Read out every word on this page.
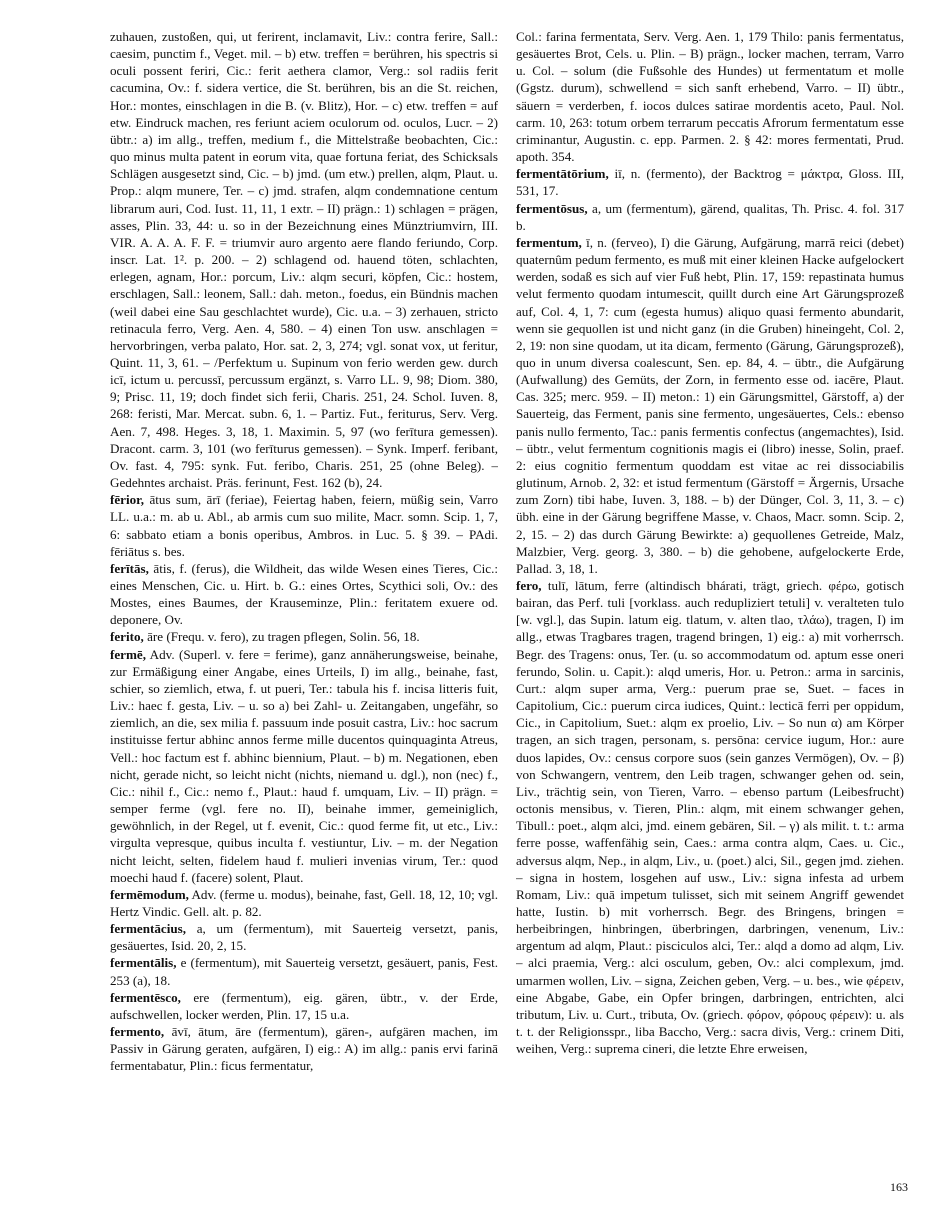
zuhauen, zustoßen, qui, ut ferirent, inclamavit, Liv.: contra ferire, Sall.: caesim, punctim f., Veget. mil. – b) etw. treffen = berühren, his spectris si oculi possent feriri, Cic.: ferit aethera clamor, Verg.: sol radiis ferit cacumina, Ov.: f. sidera vertice, die St. berühren, bis an die St. reichen, Hor.: montes, einschlagen in die B. (v. Blitz), Hor. – c) etw. treffen = auf etw. Eindruck machen, res feriunt aciem oculorum od. oculos, Lucr. – 2) übtr.: a) im allg., treffen, medium f., die Mittelstraße beobachten, Cic.: quo minus multa patent in eorum vita, quae fortuna feriat, des Schicksals Schlägen ausgesetzt sind, Cic. – b) jmd. (um etw.) prellen, alqm, Plaut. u. Prop.: alqm munere, Ter. – c) jmd. strafen, alqm condemnatione centum librarum auri, Cod. Iust. 11, 11, 1 extr. – II) prägn.: 1) schlagen = prägen, asses, Plin. 33, 44: u. so in der Bezeichnung eines Münztriumvirn, III. VIR. A. A. A. F. F. = triumvir auro argento aere flando feriundo, Corp. inscr. Lat. 1². p. 200. – 2) schlagend od. hauend töten, schlachten, erlegen, agnam, Hor.: porcum, Liv.: alqm securi, köpfen, Cic.: hostem, erschlagen, Sall.: leonem, Sall.: dah. meton., foedus, ein Bündnis machen (weil dabei eine Sau geschlachtet wurde), Cic. u.a. – 3) zerhauen, stricto retinacula ferro, Verg. Aen. 4, 580. – 4) einen Ton usw. anschlagen = hervorbringen, verba palato, Hor. sat. 2, 3, 274; vgl. sonat vox, ut feritur, Quint. 11, 3, 61. – /Perfektum u. Supinum von ferio werden gew. durch icī, ictum u. percussī, percussum ergänzt, s. Varro LL. 9, 98; Diom. 380, 9; Prisc. 11, 19; doch findet sich ferii, Charis. 251, 24. Schol. Iuven. 8, 268: feristi, Mar. Mercat. subn. 6, 1. – Partiz. Fut., feriturus, Serv. Verg. Aen. 7, 498. Heges. 3, 18, 1. Maximin. 5, 97 (wo ferītura gemessen). Dracont. carm. 3, 101 (wo ferīturus gemessen). – Synk. Imperf. feribant, Ov. fast. 4, 795: synk. Fut. feribo, Charis. 251, 25 (ohne Beleg). – Gedehntes archaist. Präs. ferinunt, Fest. 162 (b), 24.

fērior, ātus sum, ārī (feriae), Feiertag haben, feiern, müßig sein, Varro LL. u.a.: m. ab u. Abl., ab armis cum suo milite, Macr. somn. Scip. 1, 7, 6: sabbato etiam a bonis operibus, Ambros. in Luc. 5. § 39. – PAdi. fēriātus s. bes.

ferītās, ātis, f. (ferus), die Wildheit, das wilde Wesen eines Tieres, Cic.: eines Menschen, Cic. u. Hirt. b. G.: eines Ortes, Scythici soli, Ov.: des Mostes, eines Baumes, der Krauseminze, Plin.: feritatem exuere od. deponere, Ov.

ferito, āre (Frequ. v. fero), zu tragen pflegen, Solin. 56, 18.

fermē, Adv. (Superl. v. fere = ferime), ganz annäherungsweise, beinahe, zur Ermäßigung einer Angabe, eines Urteils, I) im allg., beinahe, fast, schier, so ziemlich, etwa, f. ut pueri, Ter.: tabula his f. incisa litteris fuit, Liv.: haec f. gesta, Liv. – u. so a) bei Zahl- u. Zeitangaben, ungefähr, so ziemlich, an die, sex milia f. passuum inde posuit castra, Liv.: hoc sacrum instituisse fertur abhinc annos ferme mille ducentos quinquaginta Atreus, Vell.: hoc factum est f. abhinc biennium, Plaut. – b) m. Negationen, eben nicht, gerade nicht, so leicht nicht (nichts, niemand u. dgl.), non (nec) f., Cic.: nihil f., Cic.: nemo f., Plaut.: haud f. umquam, Liv. – II) prägn. = semper ferme (vgl. fere no. II), beinahe immer, gemeiniglich, gewöhnlich, in der Regel, ut f. evenit, Cic.: quod ferme fit, ut etc., Liv.: virgulta vepresque, quibus inculta f. vestiuntur, Liv. – m. der Negation nicht leicht, selten, fidelem haud f. mulieri invenias virum, Ter.: quod moechi haud f. (facere) solent, Plaut.

fermēmodum, Adv. (ferme u. modus), beinahe, fast, Gell. 18, 12, 10; vgl. Hertz Vindic. Gell. alt. p. 82.

fermentācius, a, um (fermentum), mit Sauerteig versetzt, panis, gesäuertes, Isid. 20, 2, 15.

fermentālis, e (fermentum), mit Sauerteig versetzt, gesäuert, panis, Fest. 253 (a), 18.

fermentēsco, ere (fermentum), eig. gären, übtr., v. der Erde, aufschwellen, locker werden, Plin. 17, 15 u.a.

fermento, āvī, ātum, āre (fermentum), gären-, aufgären machen, im Passiv in Gärung geraten, aufgären, I) eig.: A) im allg.: panis ervi farinā fermentabatur, Plin.: ficus fermentatur,

Col.: farina fermentata, Serv. Verg. Aen. 1, 179 Thilo: panis fermentatus, gesäuertes Brot, Cels. u. Plin. – B) prägn., locker machen, terram, Varro u. Col. – solum (die Fußsohle des Hundes) ut fermentatum et molle (Ggstz. durum), schwellend = sich sanft erhebend, Varro. – II) übtr., säuern = verderben, f. iocos dulces satirae mordentis aceto, Paul. Nol. carm. 10, 263: totum orbem terrarum peccatis Afrorum fermentatum esse criminantur, Augustin. c. epp. Parmen. 2. § 42: mores fermentati, Prud. apoth. 354.

fermentātōrium, iī, n. (fermento), der Backtrog = μάκτρα, Gloss. III, 531, 17.

fermentōsus, a, um (fermentum), gärend, qualitas, Th. Prisc. 4. fol. 317 b.

fermentum, ī, n. (ferveo), I) die Gärung, Aufgärung, marrā reici (debet) quaternûm pedum fermento, es muß mit einer kleinen Hacke aufgelockert werden, sodaß es sich auf vier Fuß hebt, Plin. 17, 159: repastinata humus velut fermento quodam intumescit, quillt durch eine Art Gärungsprozeß auf, Col. 4, 1, 7: cum (egesta humus) aliquo quasi fermento abundarit, wenn sie gequollen ist und nicht ganz (in die Gruben) hineingeht, Col. 2, 2, 19: non sine quodam, ut ita dicam, fermento (Gärung, Gärungsprozeß), quo in unum diversa coalescunt, Sen. ep. 84, 4. – übtr., die Aufgärung (Aufwallung) des Gemüts, der Zorn, in fermento esse od. iacēre, Plaut. Cas. 325; merc. 959. – II) meton.: 1) ein Gärungsmittel, Gärstoff, a) der Sauerteig, das Ferment, panis sine fermento, ungesäuertes, Cels.: ebenso panis nullo fermento, Tac.: panis fermentis confectus (angemachtes), Isid. – übtr., velut fermentum cognitionis magis ei (libro) inesse, Solin, praef. 2: eius cognitio fermentum quoddam est vitae ac rei dissociabilis glutinum, Arnob. 2, 32: et istud fermentum (Gärstoff = Ärgernis, Ursache zum Zorn) tibi habe, Iuven. 3, 188. – b) der Dünger, Col. 3, 11, 3. – c) übh. eine in der Gärung begriffene Masse, v. Chaos, Macr. somn. Scip. 2, 2, 15. – 2) das durch Gärung Bewirkte: a) gequollenes Getreide, Malz, Malzbier, Verg. georg. 3, 380. – b) die gehobene, aufgelockerte Erde, Pallad. 3, 18, 1.

fero, tulī, lātum, ferre (altindisch bhárati, trägt, griech. φέρω, gotisch bairan, das Perf. tuli [vorklass. auch redupliziert tetuli] v. veralteten tulo [w. vgl.], das Supin. latum eig. tlatum, v. alten tlao, τλάω), tragen, I) im allg., etwas Tragbares tragen, tragend bringen, 1) eig.: a) mit vorherrsch. Begr. des Tragens: onus, Ter. (u. so accommodatum od. aptum esse oneri ferundo, Solin. u. Capit.): alqd umeris, Hor. u. Petron.: arma in sarcinis, Curt.: alqm super arma, Verg.: puerum prae se, Suet. – faces in Capitolium, Cic.: puerum circa iudices, Quint.: lecticā ferri per oppidum, Cic., in Capitolium, Suet.: alqm ex proelio, Liv. – So nun α) am Körper tragen, an sich tragen, personam, s. persōna: cervice iugum, Hor.: aure duos lapides, Ov.: census corpore suos (sein ganzes Vermögen), Ov. – β) von Schwangern, ventrem, den Leib tragen, schwanger gehen od. sein, Liv., trächtig sein, von Tieren, Varro. – ebenso partum (Leibesfrucht) octonis mensibus, v. Tieren, Plin.: alqm, mit einem schwanger gehen, Tibull.: poet., alqm alci, jmd. einem gebären, Sil. – γ) als milit. t. t.: arma ferre posse, waffenfähig sein, Caes.: arma contra alqm, Caes. u. Cic., adversus alqm, Nep., in alqm, Liv., u. (poet.) alci, Sil., gegen jmd. ziehen. – signa in hostem, losgehen auf usw., Liv.: signa infesta ad urbem Romam, Liv.: quā impetum tulisset, sich mit seinem Angriff gewendet hatte, Iustin. b) mit vorherrsch. Begr. des Bringens, bringen = herbeibringen, hinbringen, überbringen, darbringen, venenum, Liv.: argentum ad alqm, Plaut.: pisciculos alci, Ter.: alqd a domo ad alqm, Liv. – alci praemia, Verg.: alci osculum, geben, Ov.: alci complexum, jmd. umarmen wollen, Liv. – signa, Zeichen geben, Verg. – u. bes., wie φέρειν, eine Abgabe, Gabe, ein Opfer bringen, darbringen, entrichten, alci tributum, Liv. u. Curt., tributa, Ov. (griech. φόρον, φόρους φέρειν): u. als t. t. der Religionsspr., liba Baccho, Verg.: sacra divis, Verg.: crinem Diti, weihen, Verg.: suprema cineri, die letzte Ehre erweisen,

163
